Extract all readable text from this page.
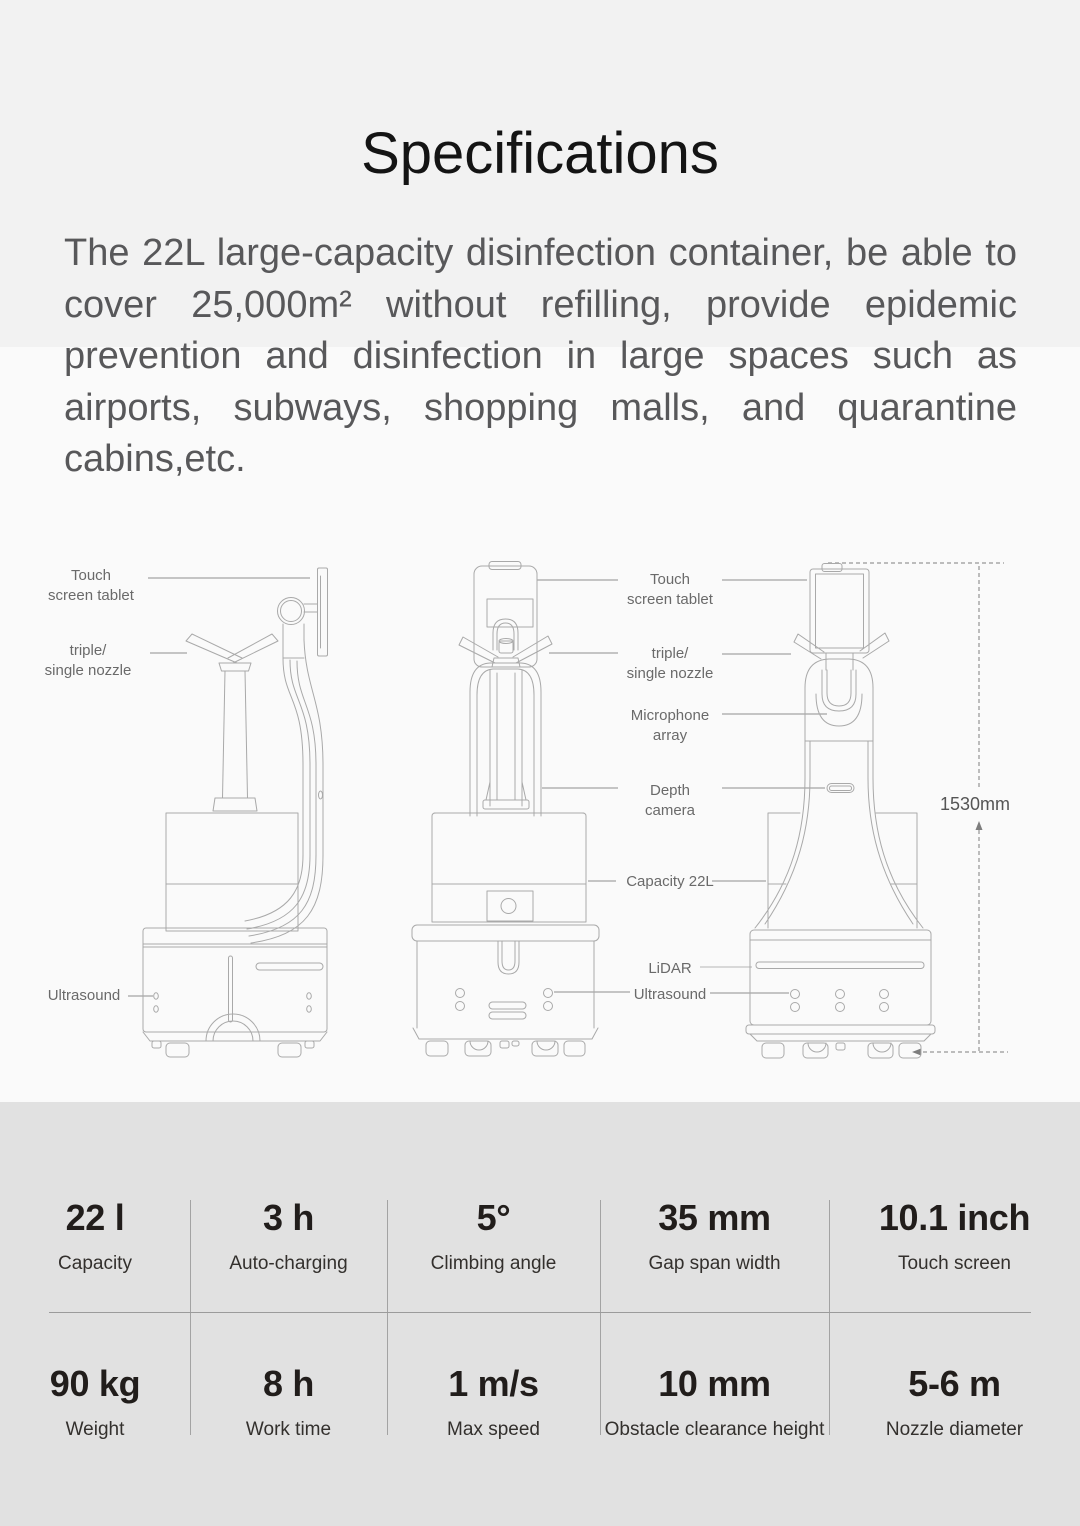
Specifications

The 22L large-capacity disinfection container, be able to cover 25,000m² without refilling, provide epidemic prevention and disinfection in large spaces such as airports, subways, shopping malls, and quarantine cabins,etc.

Touch
screen tablet
triple/
single nozzle
Ultrasound
Touch
screen tablet
triple/
single nozzle
Microphone
array
Depth
camera
Capacity 22L
LiDAR
Ultrasound
1530mm
22 l
Capacity
3 h
Auto-charging
5°
Climbing angle
35 mm
Gap span width
10.1 inch
Touch screen
90 kg
Weight
8 h
Work time
1 m/s
Max speed
10 mm
Obstacle clearance height
5-6 m
Nozzle diameter
